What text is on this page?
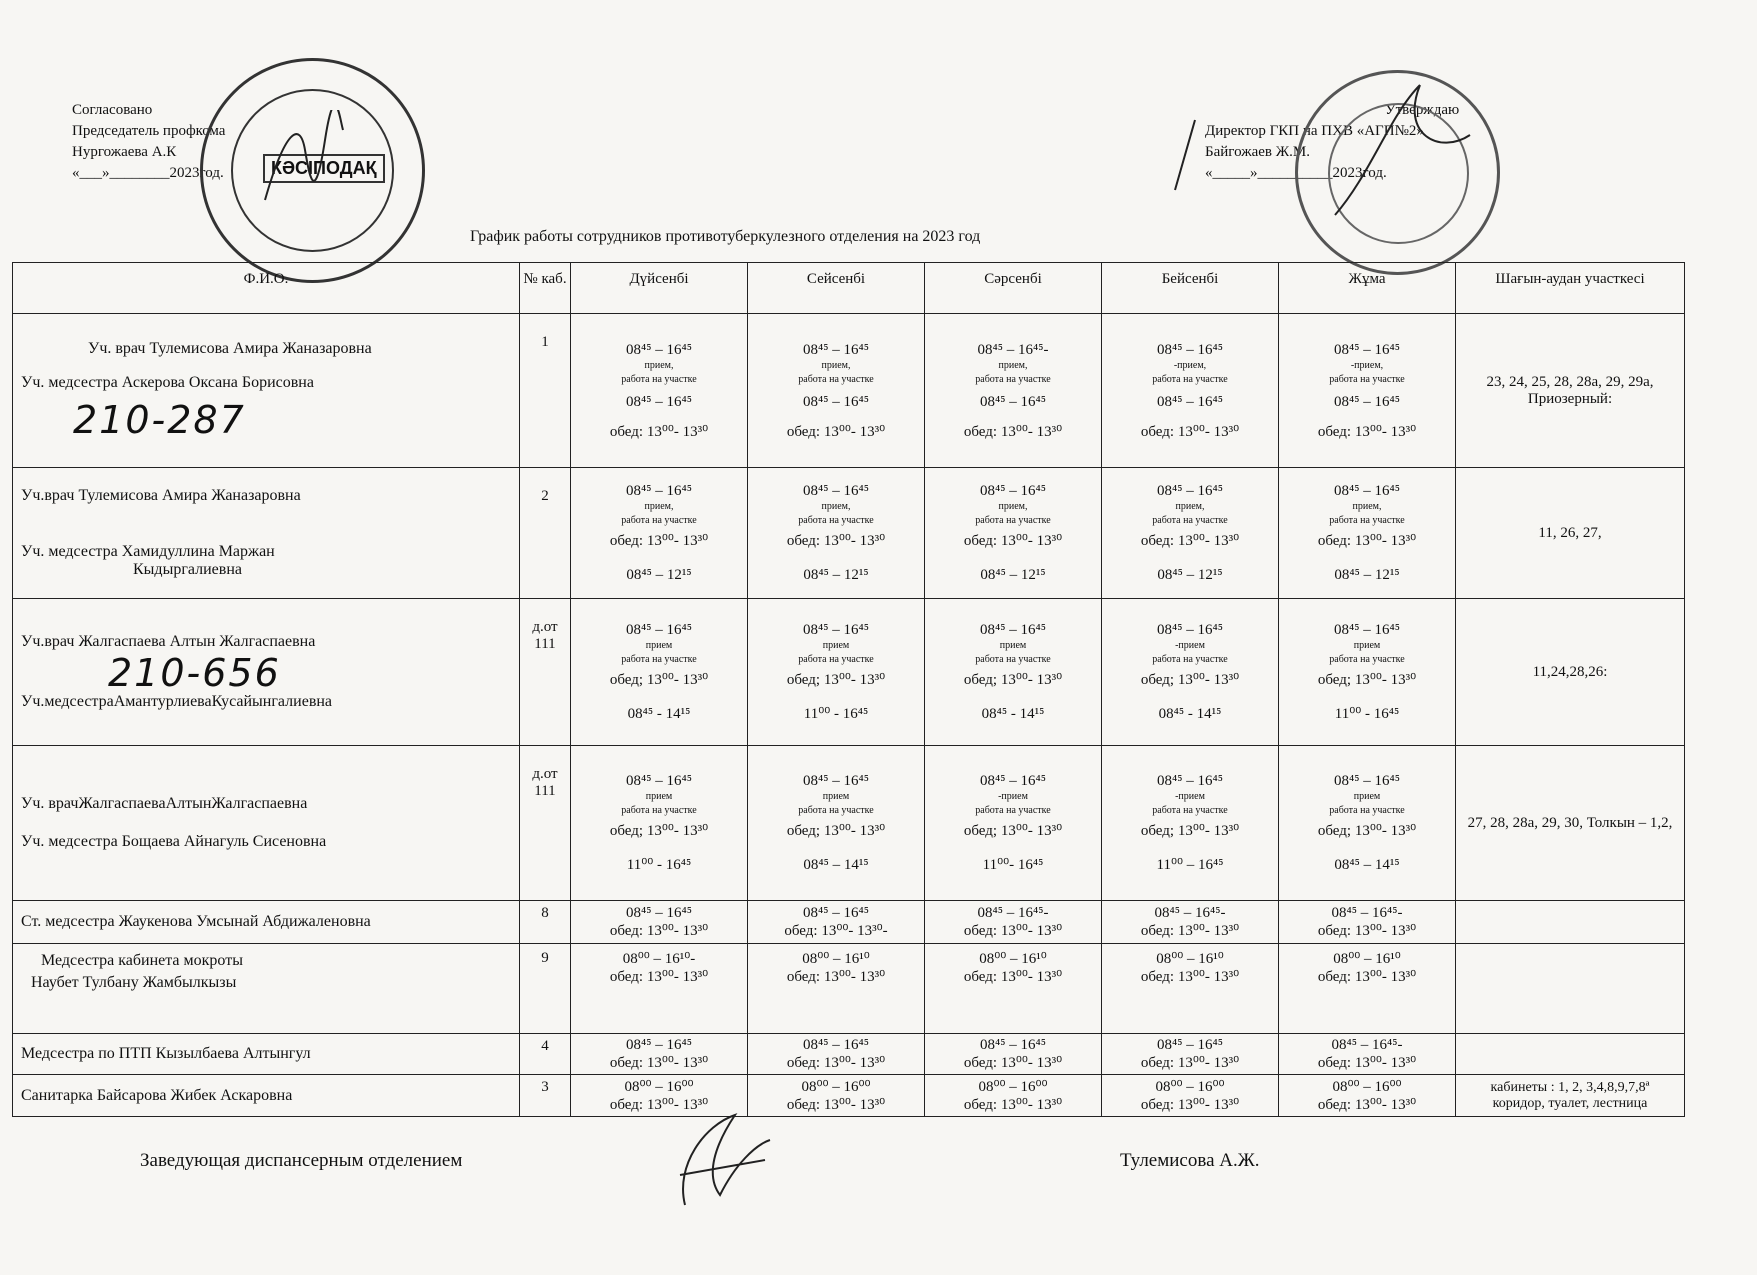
Согласовано
Председатель профкома
Нургожаева А.К
«___»________2023год.	КӘСІПОДАҚ
Утверждаю
Директор ГКП на ПХВ «АГП№2»
Байгожаев Ж.М.
«_____»__________2023год.
График работы сотрудников противотуберкулезного отделения на 2023 год
Ф.И.О.	№ каб.	Дүйсенбі	Сейсенбі	Сәрсенбі	Бейсенбі	Жұма	Шағын-аудан участкесі

Уч. врач Тулемисова Амира Жаназаровна
Уч. медсестра Аскерова Оксана Борисовна
210-287	1	08⁴⁵ – 16⁴⁵
прием,
работа на участке
08⁴⁵ – 16⁴⁵
обед: 13⁰⁰- 13³⁰	08⁴⁵ – 16⁴⁵
прием,
работа на участке
08⁴⁵ – 16⁴⁵
обед: 13⁰⁰- 13³⁰	08⁴⁵ – 16⁴⁵-
прием,
работа на участке
08⁴⁵ – 16⁴⁵
обед: 13⁰⁰- 13³⁰	08⁴⁵ – 16⁴⁵
-прием,
работа на участке
08⁴⁵ – 16⁴⁵
обед: 13⁰⁰- 13³⁰	08⁴⁵ – 16⁴⁵
-прием,
работа на участке
08⁴⁵ – 16⁴⁵
обед: 13⁰⁰- 13³⁰	23, 24, 25, 28, 28а, 29, 29а, Приозерный:

Уч.врач Тулемисова Амира Жаназаровна
Уч. медсестра Хамидуллина Маржан
Кыдыргалиевна	2	08⁴⁵ – 16⁴⁵
прием,
работа на участке
обед: 13⁰⁰- 13³⁰
08⁴⁵ – 12¹⁵	08⁴⁵ – 16⁴⁵
прием,
работа на участке
обед: 13⁰⁰- 13³⁰
08⁴⁵ – 12¹⁵	08⁴⁵ – 16⁴⁵
прием,
работа на участке
обед: 13⁰⁰- 13³⁰
08⁴⁵ – 12¹⁵	08⁴⁵ – 16⁴⁵
прием,
работа на участке
обед: 13⁰⁰- 13³⁰
08⁴⁵ – 12¹⁵	08⁴⁵ – 16⁴⁵
прием,
работа на участке
обед: 13⁰⁰- 13³⁰
08⁴⁵ – 12¹⁵	11, 26, 27,

Уч.врач Жалгаспаева Алтын Жалгаспаевна
210-656
Уч.медсестраАмантурлиеваКусайынгалиевна	д.от 111	08⁴⁵ – 16⁴⁵
прием
работа на участке
обед; 13⁰⁰- 13³⁰
08⁴⁵ - 14¹⁵	08⁴⁵ – 16⁴⁵
прием
работа на участке
обед; 13⁰⁰- 13³⁰
11⁰⁰ - 16⁴⁵	08⁴⁵ – 16⁴⁵
прием
работа на участке
обед; 13⁰⁰- 13³⁰
08⁴⁵ - 14¹⁵	08⁴⁵ – 16⁴⁵
-прием
работа на участке
обед; 13⁰⁰- 13³⁰
08⁴⁵ - 14¹⁵	08⁴⁵ – 16⁴⁵
прием
работа на участке
обед; 13⁰⁰- 13³⁰
11⁰⁰ - 16⁴⁵	11,24,28,26:

Уч. врачЖалгаспаеваАлтынЖалгаспаевна
Уч. медсестра Бощаева Айнагуль Сисеновна	д.от 111	08⁴⁵ – 16⁴⁵
прием
работа на участке
обед; 13⁰⁰- 13³⁰
11⁰⁰ - 16⁴⁵	08⁴⁵ – 16⁴⁵
прием
работа на участке
обед; 13⁰⁰- 13³⁰
08⁴⁵ – 14¹⁵	08⁴⁵ – 16⁴⁵
-прием
работа на участке
обед; 13⁰⁰- 13³⁰
11⁰⁰- 16⁴⁵	08⁴⁵ – 16⁴⁵
-прием
работа на участке
обед; 13⁰⁰- 13³⁰
11⁰⁰ – 16⁴⁵	08⁴⁵ – 16⁴⁵
прием
работа на участке
обед; 13⁰⁰- 13³⁰
08⁴⁵ – 14¹⁵	27, 28, 28а, 29, 30, Толкын – 1,2,

Ст. медсестра Жаукенова Умсынай Абдижаленовна	8	08⁴⁵ – 16⁴⁵
обед: 13⁰⁰- 13³⁰	08⁴⁵ – 16⁴⁵
обед: 13⁰⁰- 13³⁰-	08⁴⁵ – 16⁴⁵-
обед: 13⁰⁰- 13³⁰	08⁴⁵ – 16⁴⁵-
обед: 13⁰⁰- 13³⁰	08⁴⁵ – 16⁴⁵-
обед: 13⁰⁰- 13³⁰	

Медсестра кабинета мокроты
Наубет Тулбану Жамбылкызы	9	08⁰⁰ – 16¹⁰-
обед: 13⁰⁰- 13³⁰	08⁰⁰ – 16¹⁰
обед: 13⁰⁰- 13³⁰	08⁰⁰ – 16¹⁰
обед: 13⁰⁰- 13³⁰	08⁰⁰ – 16¹⁰
обед: 13⁰⁰- 13³⁰	08⁰⁰ – 16¹⁰
обед: 13⁰⁰- 13³⁰	

Медсестра по ПТП Кызылбаева Алтынгул	4	08⁴⁵ – 16⁴⁵
обед: 13⁰⁰- 13³⁰	08⁴⁵ – 16⁴⁵
обед: 13⁰⁰- 13³⁰	08⁴⁵ – 16⁴⁵
обед: 13⁰⁰- 13³⁰	08⁴⁵ – 16⁴⁵
обед: 13⁰⁰- 13³⁰	08⁴⁵ – 16⁴⁵-
обед: 13⁰⁰- 13³⁰	

Санитарка Байсарова Жибек Аскаровна	3	08⁰⁰ – 16⁰⁰
обед: 13⁰⁰- 13³⁰	08⁰⁰ – 16⁰⁰
обед: 13⁰⁰- 13³⁰	08⁰⁰ – 16⁰⁰
обед: 13⁰⁰- 13³⁰	08⁰⁰ – 16⁰⁰
обед: 13⁰⁰- 13³⁰	08⁰⁰ – 16⁰⁰
обед: 13⁰⁰- 13³⁰	кабинеты : 1, 2, 3,4,8,9,7,8ª коридор, туалет, лестница
Заведующая диспансерным отделением	Тулемисова А.Ж.
